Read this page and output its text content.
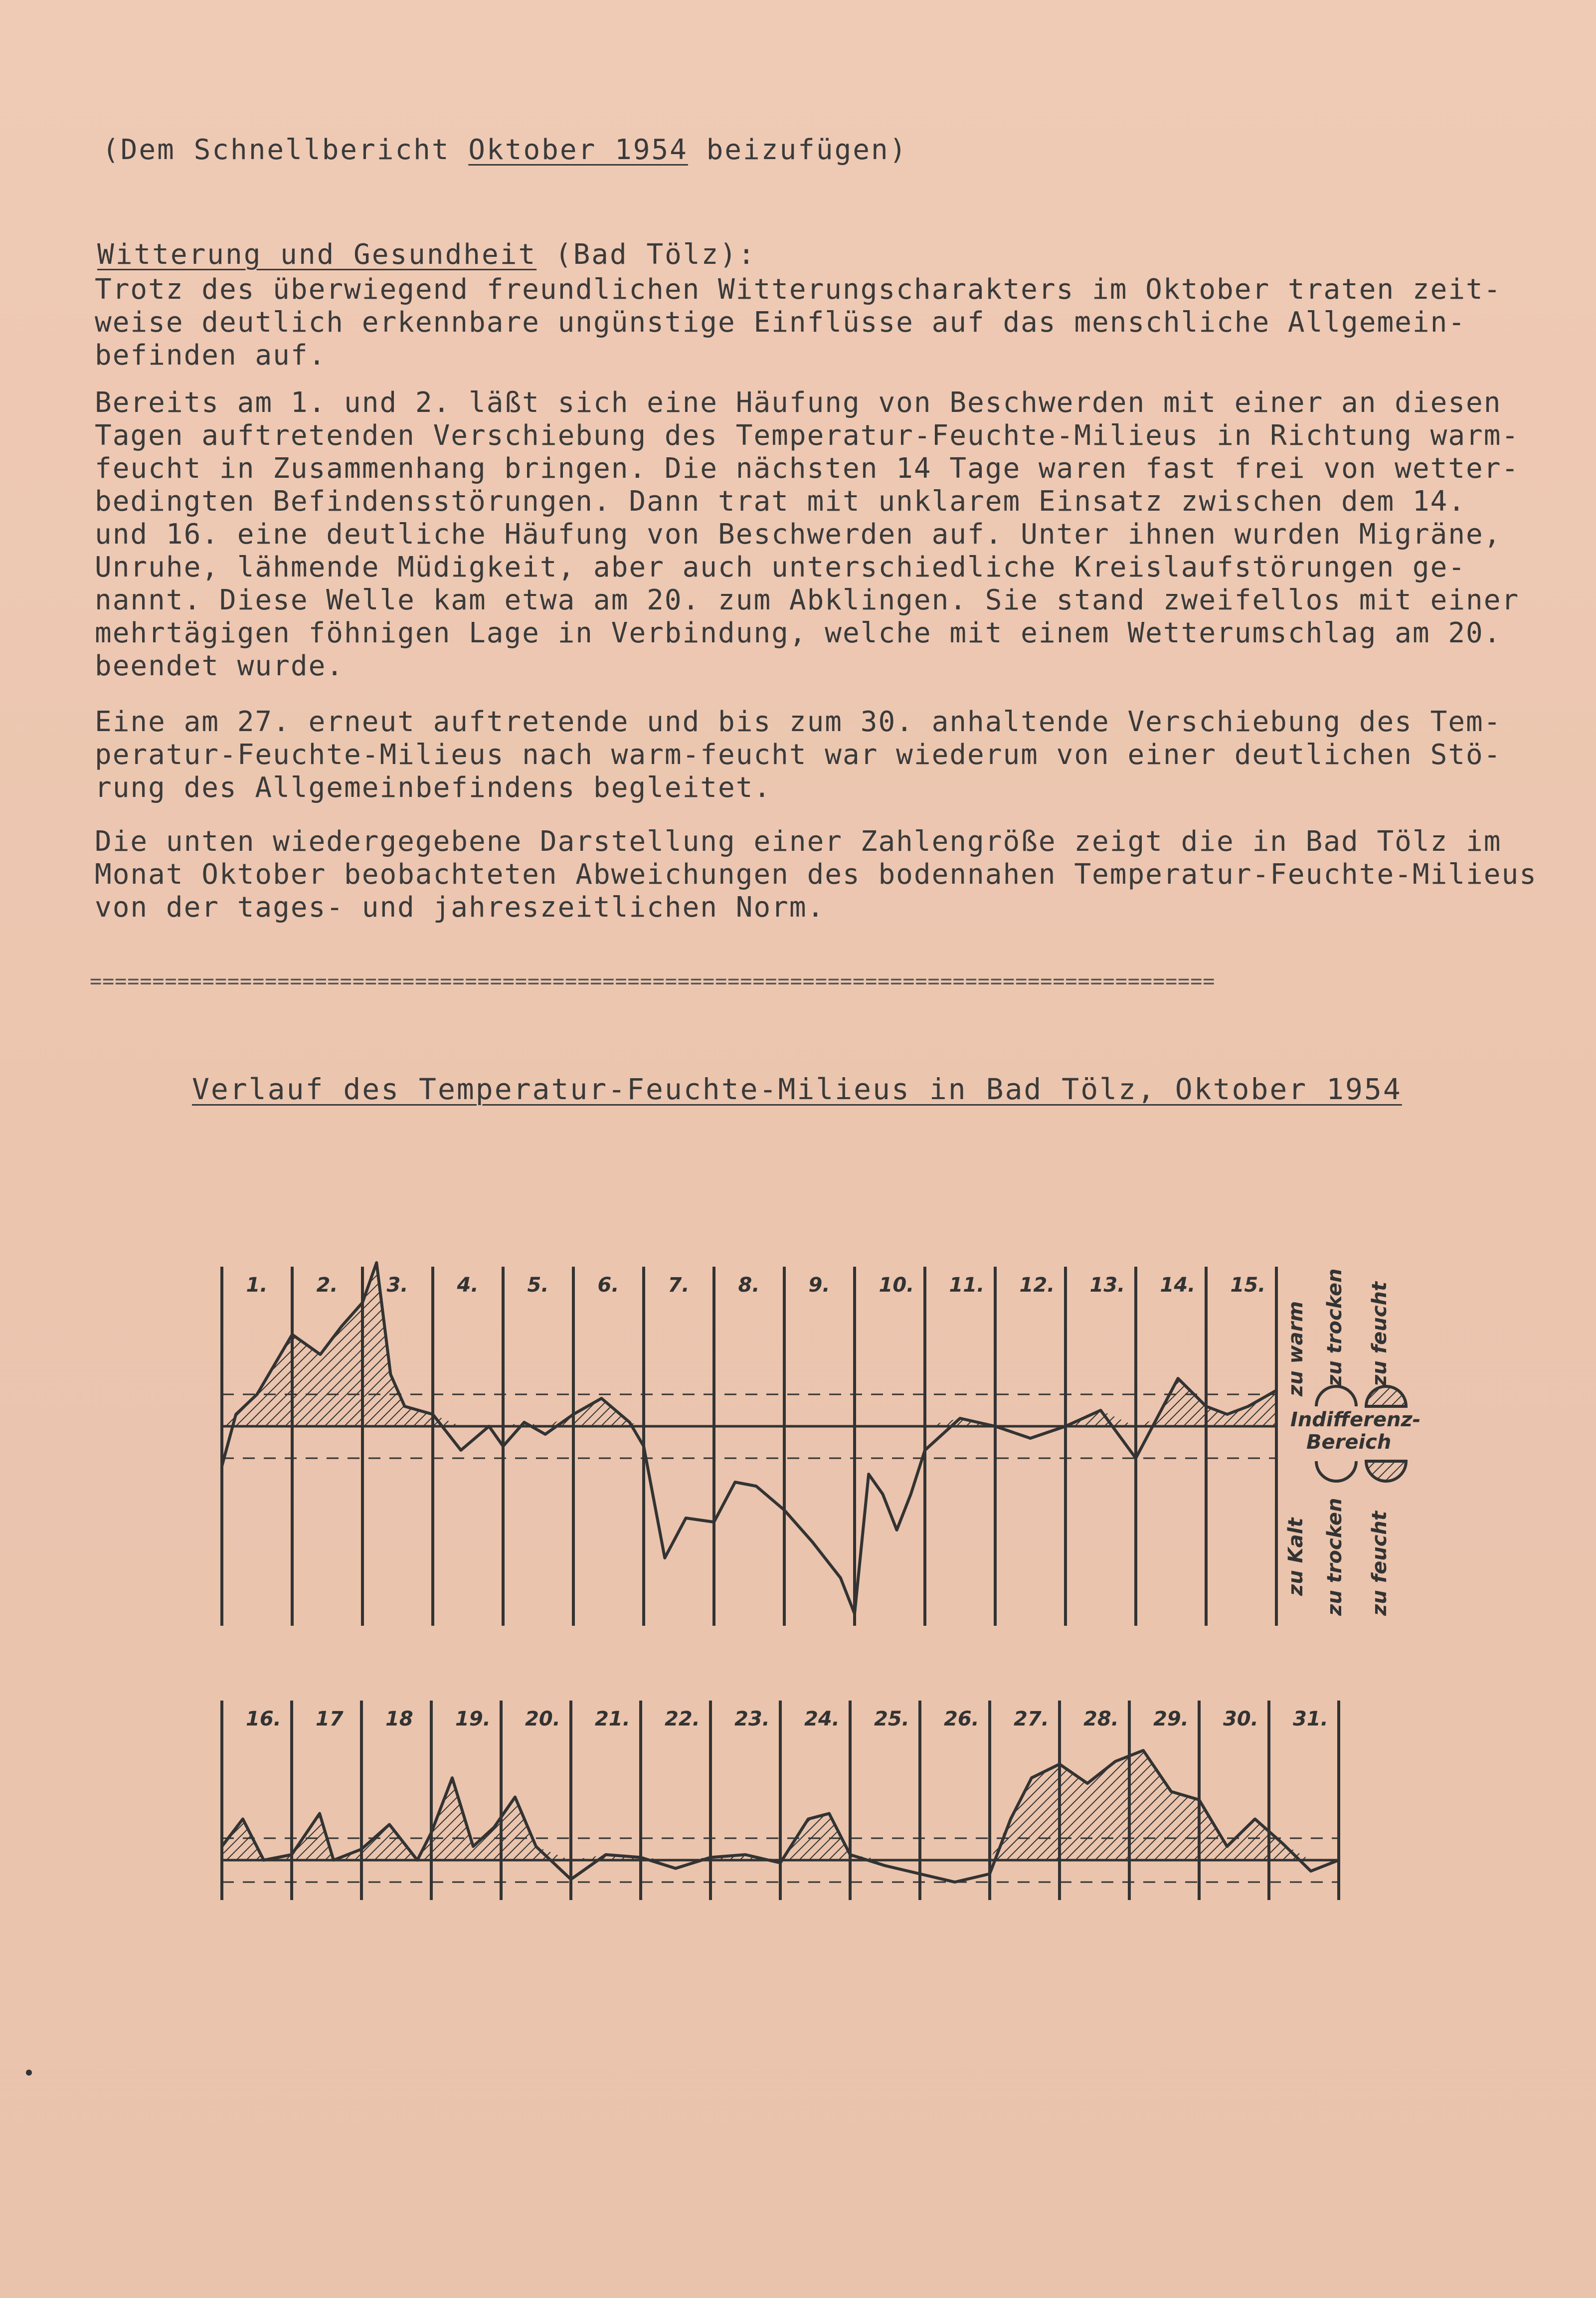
(Dem Schnellbericht Oktober 1954 beizufügen)
Witterung und Gesundheit (Bad Tölz):
Trotz des überwiegend freundlichen Witterungscharakters im Oktober traten zeit-
weise deutlich erkennbare ungünstige Einflüsse auf das menschliche Allgemein-
befinden auf.
Bereits am 1. und 2. läßt sich eine Häufung von Beschwerden mit einer an diesen
Tagen auftretenden Verschiebung des Temperatur-Feuchte-Milieus in Richtung warm-
feucht in Zusammenhang bringen. Die nächsten 14 Tage waren fast frei von wetter-
bedingten Befindensstörungen. Dann trat mit unklarem Einsatz zwischen dem 14.
und 16. eine deutliche Häufung von Beschwerden auf. Unter ihnen wurden Migräne,
Unruhe, lähmende Müdigkeit, aber auch unterschiedliche Kreislaufstörungen ge-
nannt. Diese Welle kam etwa am 20. zum Abklingen. Sie stand zweifellos mit einer
mehrtägigen föhnigen Lage in Verbindung, welche mit einem Wetterumschlag am 20.
beendet wurde.
Eine am 27. erneut auftretende und bis zum 30. anhaltende Verschiebung des Tem-
peratur-Feuchte-Milieus nach warm-feucht war wiederum von einer deutlichen Stö-
rung des Allgemeinbefindens begleitet.
Die unten wiedergegebene Darstellung einer Zahlengröße zeigt die in Bad Tölz im
Monat Oktober beobachteten Abweichungen des bodennahen Temperatur-Feuchte-Milieus
von der tages- und jahreszeitlichen Norm.
==========================================================================================
Verlauf des Temperatur-Feuchte-Milieus in Bad Tölz, Oktober 1954
1. 2. 3. 4. 5. 6. 7. 8. 9. 10. 11. 12. 13. 14. 15.
16. 17 18 19. 20. 21. 22. 23. 24. 25. 26. 27. 28. 29. 30. 31.
zu warm zu trocken zu feucht
Indifferenz-
Bereich
zu Kalt zu trocken zu feucht
